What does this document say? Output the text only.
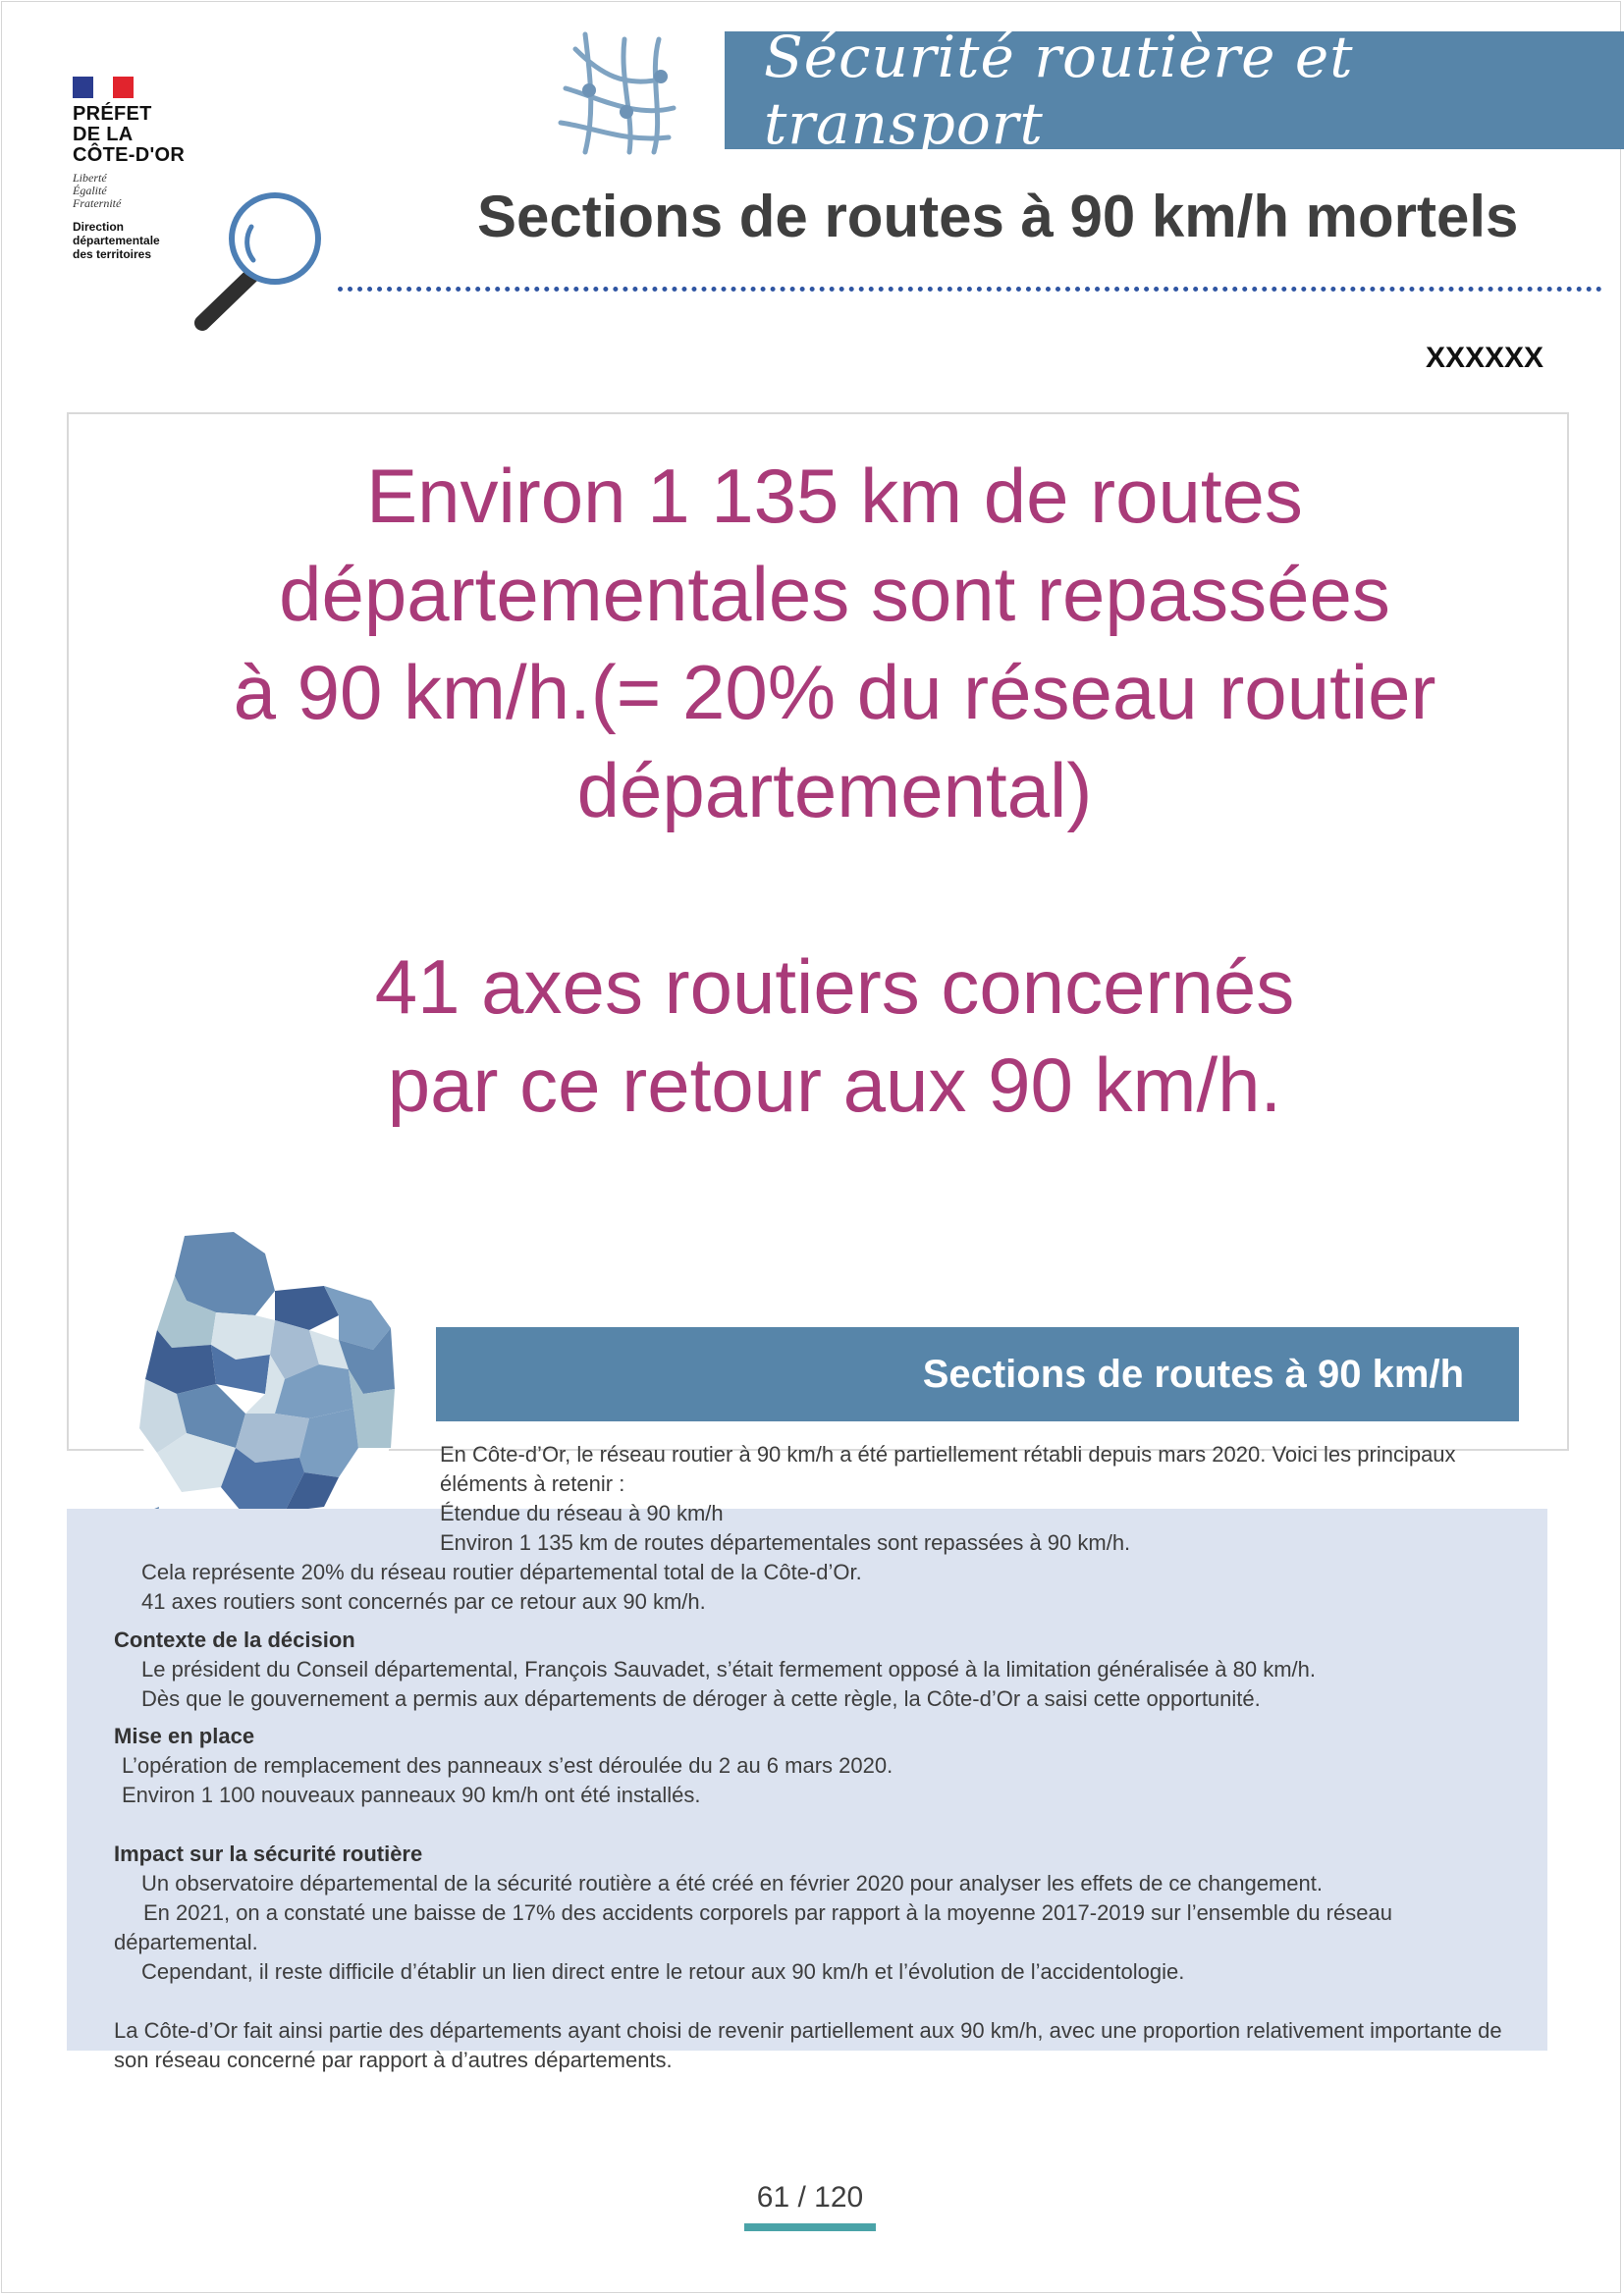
PRÉFET
DE LA
CÔTE-D'OR
Liberté
Égalité
Fraternité
Direction
départementale
des territoires
Sécurité routière et transport
Sections de routes à 90 km/h mortels
XXXXXX

Environ 1 135 km de routes

départementales sont repassées

à 90 km/h.(= 20% du réseau routier

départemental)

41 axes routiers concernés

par ce retour aux 90 km/h.

Sections de routes à 90 km/h
En Côte-d’Or, le réseau routier à 90 km/h a été partiellement rétabli depuis mars 2020. Voici les principaux éléments à retenir :
Étendue du réseau à 90 km/h
Environ 1 135 km de routes départementales sont repassées à 90 km/h.
Cela représente 20% du réseau routier départemental total de la Côte-d’Or.
41 axes routiers sont concernés par ce retour aux 90 km/h.
Contexte de la décision
Le président du Conseil départemental, François Sauvadet, s’était fermement opposé à la limitation généralisée à 80 km/h.
Dès que le gouvernement a permis aux départements de déroger à cette règle, la Côte-d’Or a saisi cette opportunité.
Mise en place
L’opération de remplacement des panneaux s’est déroulée du 2 au 6 mars 2020.
Environ 1 100 nouveaux panneaux 90 km/h ont été installés.
Impact sur la sécurité routière
Un observatoire départemental de la sécurité routière a été créé en février 2020 pour analyser les effets de ce changement.
En 2021, on a constaté une baisse de 17% des accidents corporels par rapport à la moyenne 2017-2019 sur l’ensemble du réseau départemental.
Cependant, il reste difficile d’établir un lien direct entre le retour aux 90 km/h et l’évolution de l’accidentologie.
La Côte-d’Or fait ainsi partie des départements ayant choisi de revenir partiellement aux 90 km/h, avec une proportion relativement importante de son réseau concerné par rapport à d’autres départements.
61 / 120
